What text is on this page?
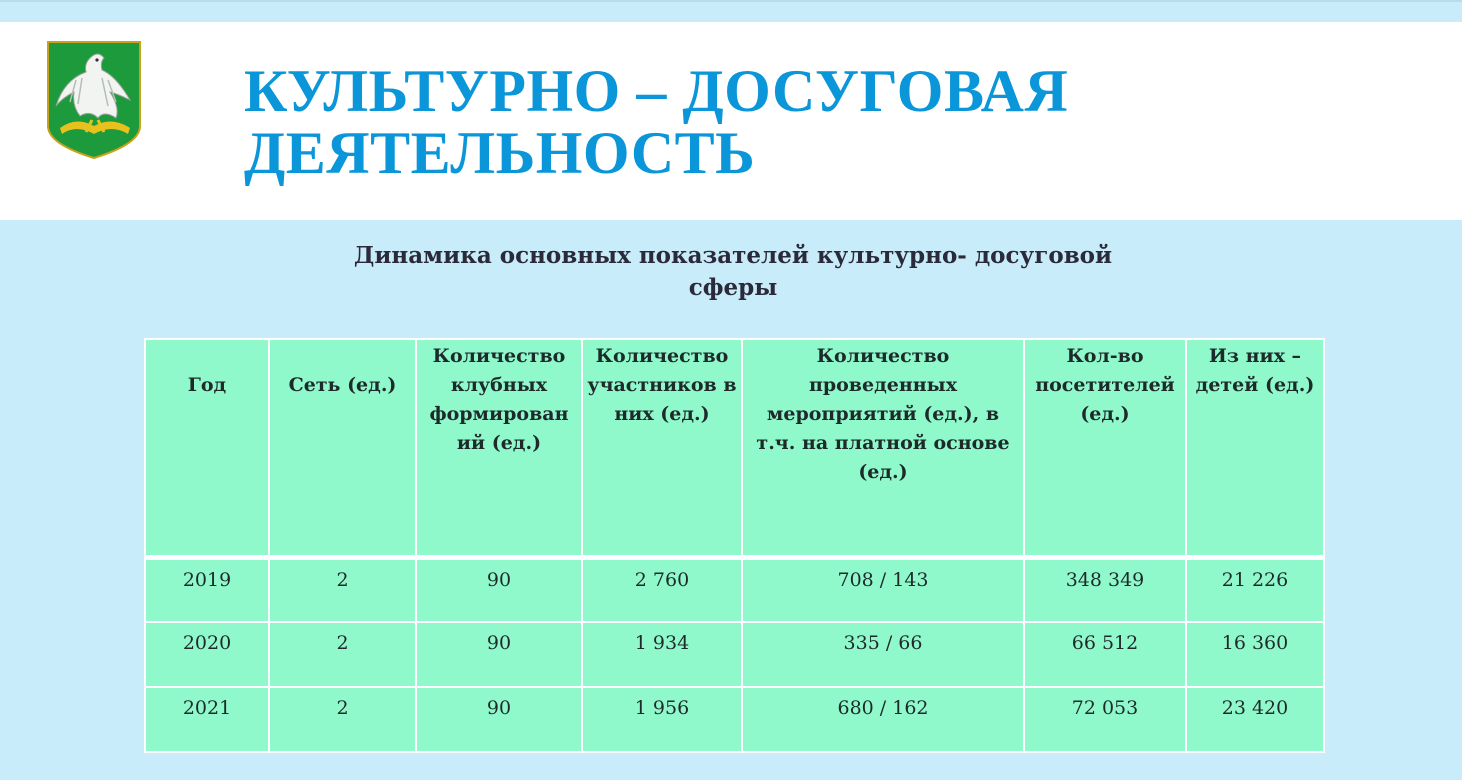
КУЛЬТУРНО – ДОСУГОВАЯ
ДЕЯТЕЛЬНОСТЬ
Динамика основных показателей культурно- досуговой
сферы
Год	Сеть (ед.)	Количество клубных формирован ий (ед.)	Количество участников в них (ед.)	Количество проведенных мероприятий (ед.), в т.ч. на платной основе (ед.)	Кол-во посетителей (ед.)	Из них – детей (ед.)
2019	2	90	2 760	708 / 143	348 349	21 226
2020	2	90	1 934	335 / 66	66 512	16 360
2021	2	90	1 956	680 / 162	72 053	23 420
